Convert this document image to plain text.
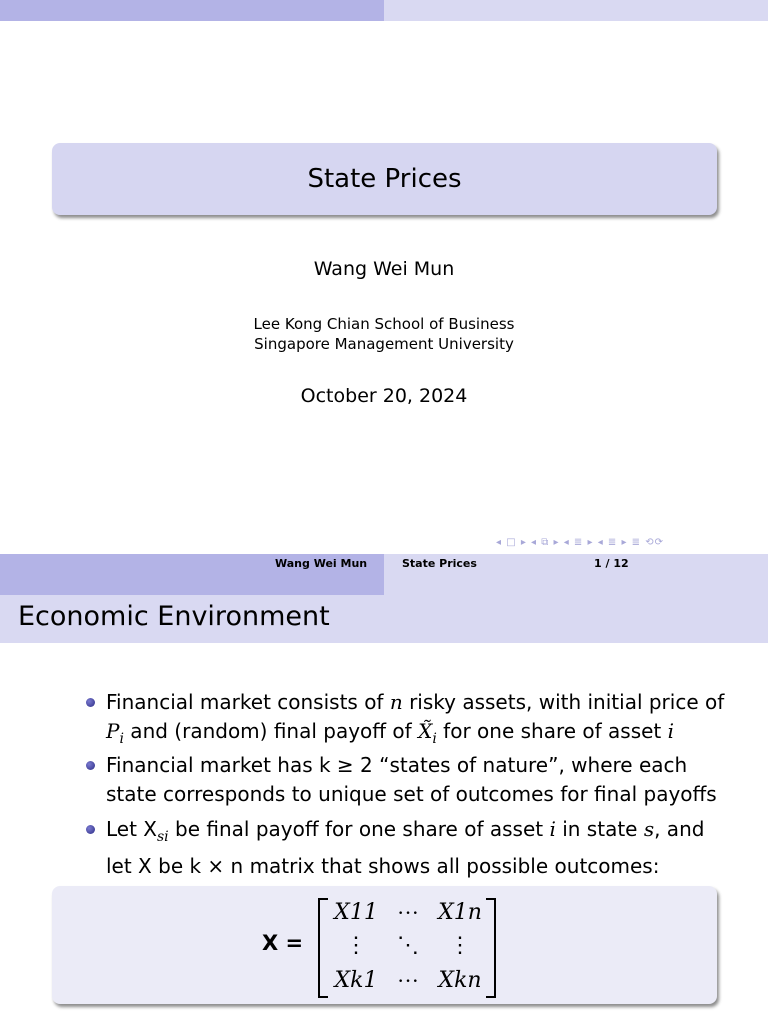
State Prices
Wang Wei Mun
Lee Kong Chian School of Business
Singapore Management University
October 20, 2024
◂ □ ▸ ◂ ⧉ ▸ ◂ ≣ ▸ ◂ ≣ ▸ ≣ ⟲⟳
Wang Wei Mun	State Prices	1 / 12
Economic Environment
Financial market consists of n risky assets, with initial price of
$P_i$ and (random) final payoff of $X̃_i$ for one share of asset i
Financial market has k ≥ 2 “states of nature”, where each
state corresponds to unique set of outcomes for final payoffs
Let $X_{si}$ be final payoff for one share of asset i in state s, and
let X be k × n matrix that shows all possible outcomes:
X =
X11 ··· X1n
⋮	⋱	⋮
Xk1 ··· Xkn
